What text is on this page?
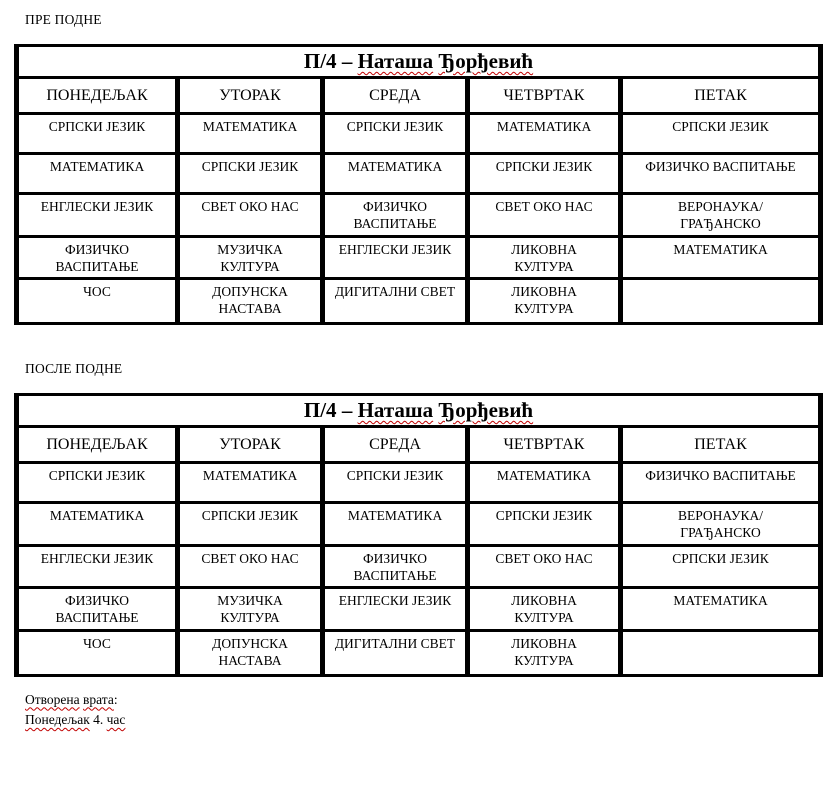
ПРЕ ПОДНЕ
П/4 – Наташа Ђорђевић				
ПОНЕДЕЉАК	УТОРАК	СРЕДА	ЧЕТВРТАК	ПЕТАК
СРПСКИ ЈЕЗИК	МАТЕМАТИКА	СРПСКИ ЈЕЗИК	МАТЕМАТИКА	СРПСКИ ЈЕЗИК
МАТЕМАТИКА	СРПСКИ ЈЕЗИК	МАТЕМАТИКА	СРПСКИ ЈЕЗИК	ФИЗИЧКО ВАСПИТАЊЕ
ЕНГЛЕСКИ ЈЕЗИК	СВЕТ ОКО НАС	ФИЗИЧКО ВАСПИТАЊЕ	СВЕТ ОКО НАС	ВЕРОНАУКА/ ГРАЂАНСКО
ФИЗИЧКО ВАСПИТАЊЕ	МУЗИЧКА КУЛТУРА	ЕНГЛЕСКИ ЈЕЗИК	ЛИКОВНА КУЛТУРА	МАТЕМАТИКА
ЧОС	ДОПУНСКА НАСТАВА	ДИГИТАЛНИ СВЕТ	ЛИКОВНА КУЛТУРА	
ПОСЛЕ ПОДНЕ
П/4 – Наташа Ђорђевић				
ПОНЕДЕЉАК	УТОРАК	СРЕДА	ЧЕТВРТАК	ПЕТАК
СРПСКИ ЈЕЗИК	МАТЕМАТИКА	СРПСКИ ЈЕЗИК	МАТЕМАТИКА	ФИЗИЧКО ВАСПИТАЊЕ
МАТЕМАТИКА	СРПСКИ ЈЕЗИК	МАТЕМАТИКА	СРПСКИ ЈЕЗИК	ВЕРОНАУКА/ ГРАЂАНСКО
ЕНГЛЕСКИ ЈЕЗИК	СВЕТ ОКО НАС	ФИЗИЧКО ВАСПИТАЊЕ	СВЕТ ОКО НАС	СРПСКИ ЈЕЗИК
ФИЗИЧКО ВАСПИТАЊЕ	МУЗИЧКА КУЛТУРА	ЕНГЛЕСКИ ЈЕЗИК	ЛИКОВНА КУЛТУРА	МАТЕМАТИКА
ЧОС	ДОПУНСКА НАСТАВА	ДИГИТАЛНИ СВЕТ	ЛИКОВНА КУЛТУРА	
Отворена врата:
Понедељак 4. час
